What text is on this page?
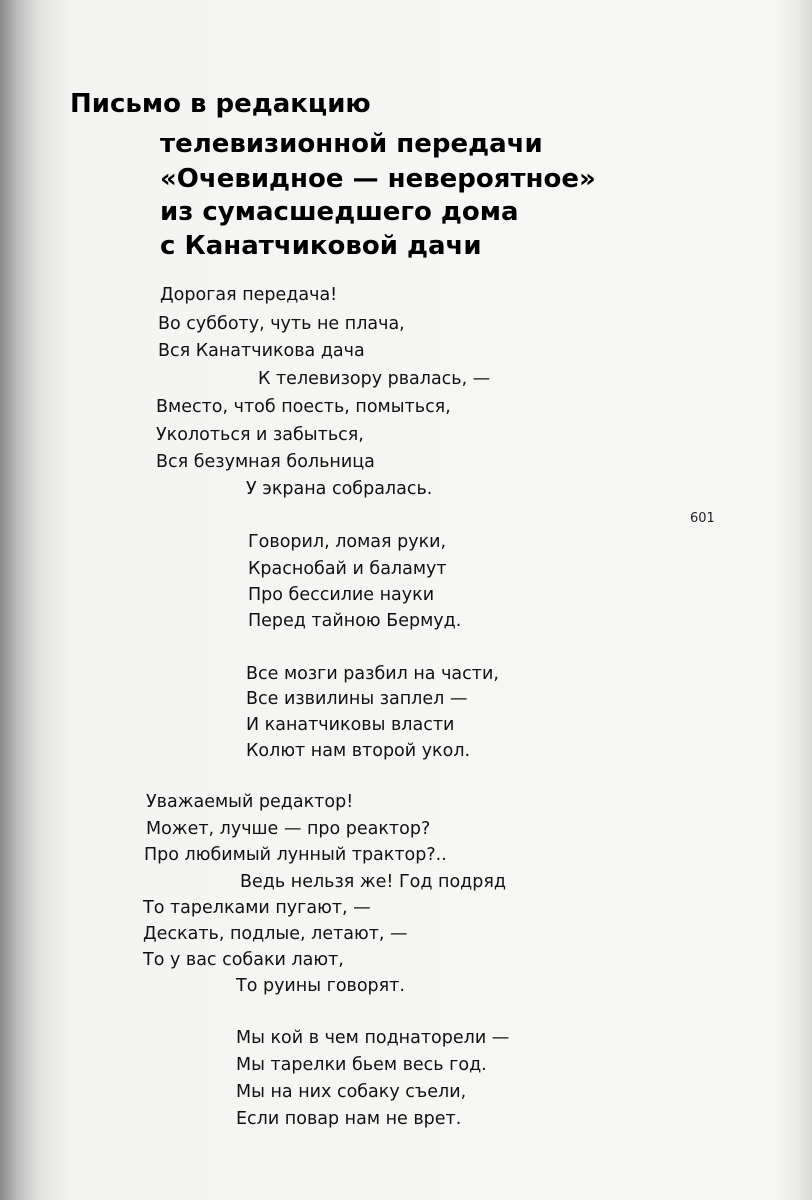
Письмо в редакцию
телевизионной передачи
«Очевидное — невероятное»
из сумасшедшего дома
с Канатчиковой дачи

Дорогая передача!

Во субботу, чуть не плача,

Вся Канатчикова дача

К телевизору рвалась, —

Вместо, чтоб поесть, помыться,

Уколоться и забыться,

Вся безумная больница

У экрана собралась.

601

Говорил, ломая руки,

Краснобай и баламут

Про бессилие науки

Перед тайною Бермуд.

Все мозги разбил на части,

Все извилины заплел —

И канатчиковы власти

Колют нам второй укол.

Уважаемый редактор!

Может, лучше — про реактор?

Про любимый лунный трактор?..

Ведь нельзя же! Год подряд

То тарелками пугают, —

Дескать, подлые, летают, —

То у вас собаки лают,

То руины говорят.

Мы кой в чем поднаторели —

Мы тарелки бьем весь год.

Мы на них собаку съели,

Если повар нам не врет.
